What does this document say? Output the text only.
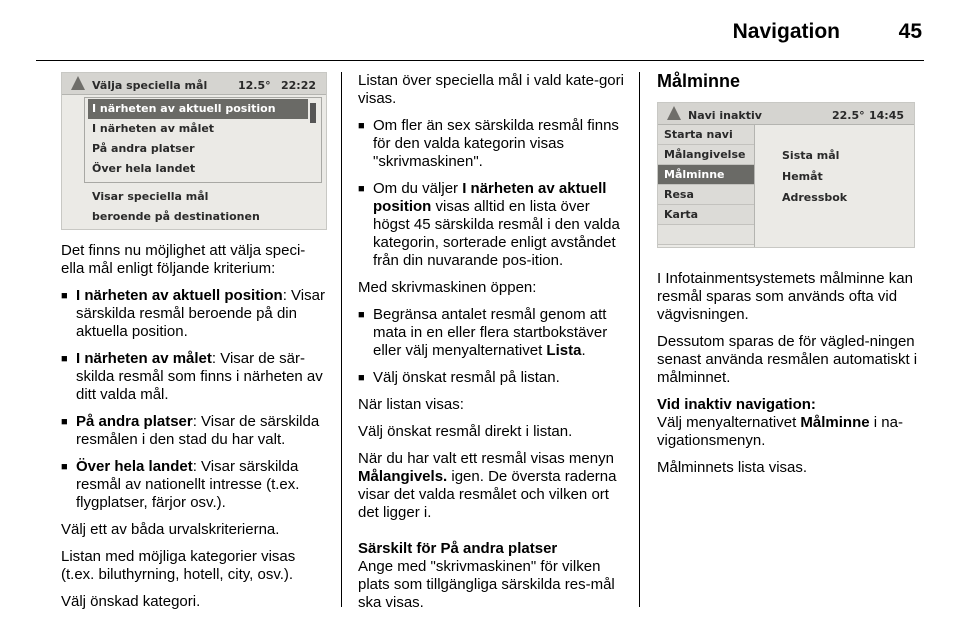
Navigation	45
Välja speciella mål	12.5° 22:22
I närheten av aktuell position
I närheten av målet
På andra platser
Över hela landet
Visar speciella mål
beroende på destinationen

Det finns nu möjlighet att välja speci-ella mål enligt följande kriterium:

■ I närheten av aktuell position: Visar särskilda resmål beroende på din aktuella position.
■ I närheten av målet: Visar de sär-skilda resmål som finns i närheten av ditt valda mål.
■ På andra platser: Visar de särskilda resmålen i den stad du har valt.
■ Över hela landet: Visar särskilda resmål av nationellt intresse (t.ex. flygplatser, färjor osv.).

Välj ett av båda urvalskriterierna.

Listan med möjliga kategorier visas (t.ex. biluthyrning, hotell, city, osv.).

Välj önskad kategori.

Listan över speciella mål i vald kate-gori visas.

■ Om fler än sex särskilda resmål finns för den valda kategorin visas "skrivmaskinen".
■ Om du väljer I närheten av aktuell position visas alltid en lista över högst 45 särskilda resmål i den valda kategorin, sorterade enligt avståndet från din nuvarande pos-ition.

Med skrivmaskinen öppen:

■ Begränsa antalet resmål genom att mata in en eller flera startbokstäver eller välj menyalternativet Lista.
■ Välj önskat resmål på listan.

När listan visas:

Välj önskat resmål direkt i listan.

När du har valt ett resmål visas menyn Målangivels. igen. De översta raderna visar det valda resmålet och vilken ort det ligger i.

Särskilt för På andra platser

Ange med "skrivmaskinen" för vilken plats som tillgängliga särskilda res-mål ska visas.

Målminne
Navi inaktiv	22.5° 14:45
Starta navi
Målangivelse
Målminne
Resa
Karta
Sista mål
Hemåt
Adressbok

I Infotainmentsystemets målminne kan resmål sparas som används ofta vid vägvisningen.

Dessutom sparas de för vägled-ningen senast använda resmålen automatiskt i målminnet.

Vid inaktiv navigation:

Välj menyalternativet Målminne i na-vigationsmenyn.

Målminnets lista visas.
